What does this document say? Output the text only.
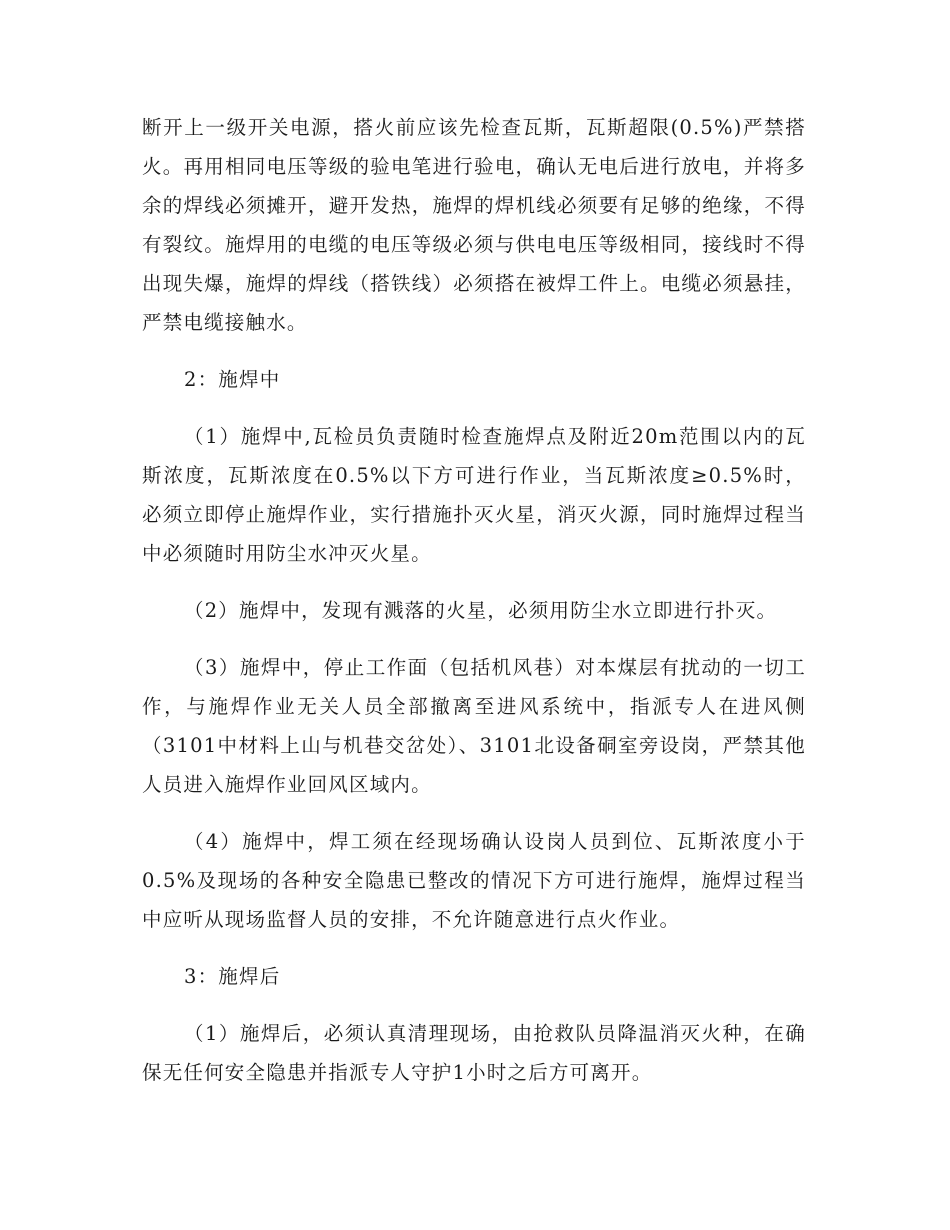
断开上一级开关电源，搭火前应该先检查瓦斯，瓦斯超限(0.5%)严禁搭火。再用相同电压等级的验电笔进行验电，确认无电后进行放电，并将多余的焊线必须摊开，避开发热，施焊的焊机线必须要有足够的绝缘，不得有裂纹。施焊用的电缆的电压等级必须与供电电压等级相同，接线时不得出现失爆，施焊的焊线（搭铁线）必须搭在被焊工件上。电缆必须悬挂，严禁电缆接触水。

2：施焊中

（1）施焊中,瓦检员负责随时检查施焊点及附近20m范围以内的瓦斯浓度，瓦斯浓度在0.5%以下方可进行作业，当瓦斯浓度≥0.5%时，必须立即停止施焊作业，实行措施扑灭火星，消灭火源，同时施焊过程当中必须随时用防尘水冲灭火星。

（2）施焊中，发现有溅落的火星，必须用防尘水立即进行扑灭。

（3）施焊中，停止工作面（包括机风巷）对本煤层有扰动的一切工作，与施焊作业无关人员全部撤离至进风系统中，指派专人在进风侧（3101中材料上山与机巷交岔处）、3101北设备硐室旁设岗，严禁其他人员进入施焊作业回风区域内。

（4）施焊中，焊工须在经现场确认设岗人员到位、瓦斯浓度小于0.5%及现场的各种安全隐患已整改的情况下方可进行施焊，施焊过程当中应听从现场监督人员的安排，不允许随意进行点火作业。

3：施焊后

（1）施焊后，必须认真清理现场，由抢救队员降温消灭火种，在确保无任何安全隐患并指派专人守护1小时之后方可离开。
